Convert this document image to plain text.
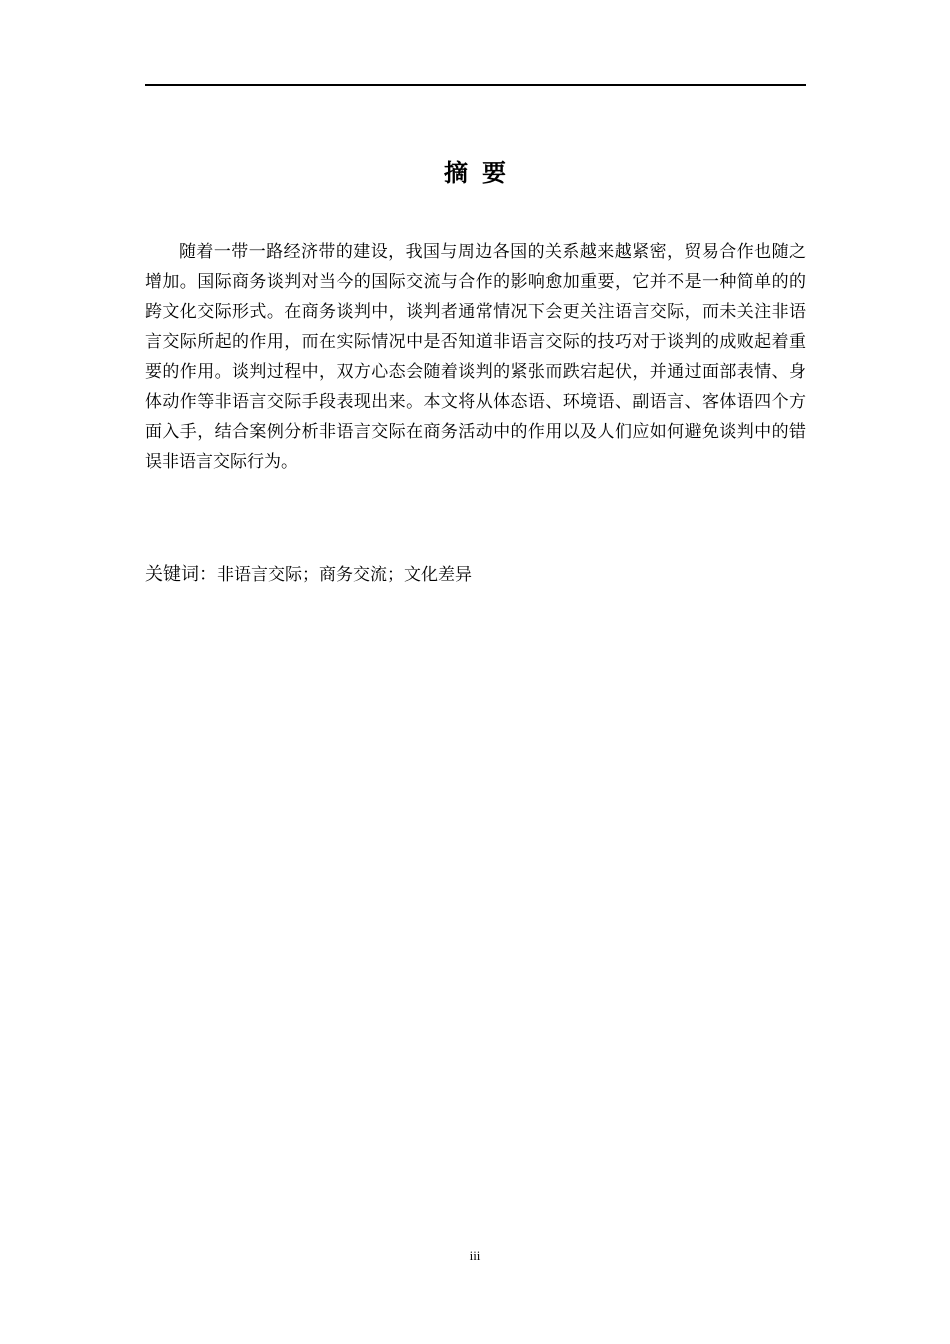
摘要

随着一带一路经济带的建设，我国与周边各国的关系越来越紧密，贸易合作也随之增加。国际商务谈判对当今的国际交流与合作的影响愈加重要，它并不是一种简单的的跨文化交际形式。在商务谈判中，谈判者通常情况下会更关注语言交际，而未关注非语言交际所起的作用，而在实际情况中是否知道非语言交际的技巧对于谈判的成败起着重要的作用。谈判过程中，双方心态会随着谈判的紧张而跌宕起伏，并通过面部表情、身体动作等非语言交际手段表现出来。本文将从体态语、环境语、副语言、客体语四个方面入手，结合案例分析非语言交际在商务活动中的作用以及人们应如何避免谈判中的错误非语言交际行为。

关键词：非语言交际；商务交流；文化差异
iii
